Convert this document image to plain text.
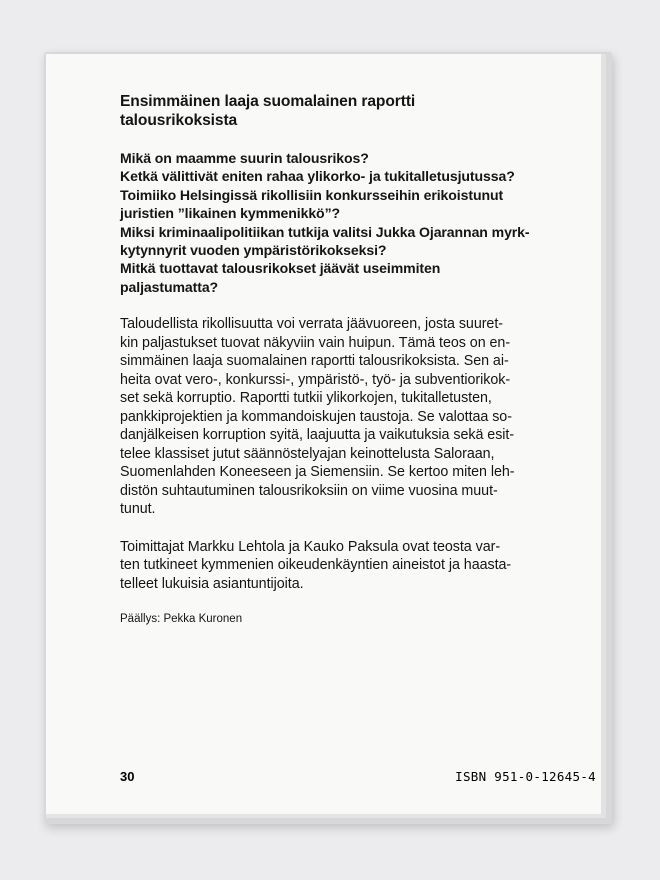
Ensimmäinen laaja suomalainen raportti
talousrikoksista
Mikä on maamme suurin talousrikos?
Ketkä välittivät eniten rahaa ylikorko- ja tukitalletusjutussa?
Toimiiko Helsingissä rikollisiin konkursseihin erikoistunut
juristien ”likainen kymmenikkö”?
Miksi kriminaalipolitiikan tutkija valitsi Jukka Ojarannan myrk-
kytynnyrit vuoden ympäristörikokseksi?
Mitkä tuottavat talousrikokset jäävät useimmiten
paljastumatta?
Taloudellista rikollisuutta voi verrata jäävuoreen, josta suuret-
kin paljastukset tuovat näkyviin vain huipun. Tämä teos on en-
simmäinen laaja suomalainen raportti talousrikoksista. Sen ai-
heita ovat vero-, konkurssi-, ympäristö-, työ- ja subventiorikok-
set sekä korruptio. Raportti tutkii ylikorkojen, tukitalletusten,
pankkiprojektien ja kommandoiskujen taustoja. Se valottaa so-
danjälkeisen korruption syitä, laajuutta ja vaikutuksia sekä esit-
telee klassiset jutut säännöstelyajan keinottelusta Saloraan,
Suomenlahden Koneeseen ja Siemensiin. Se kertoo miten leh-
distön suhtautuminen talousrikoksiin on viime vuosina muut-
tunut.
Toimittajat Markku Lehtola ja Kauko Paksula ovat teosta var-
ten tutkineet kymmenien oikeudenkäyntien aineistot ja haasta-
telleet lukuisia asiantuntijoita.
Päällys: Pekka Kuronen
30	ISBN 951-0-12645-4
